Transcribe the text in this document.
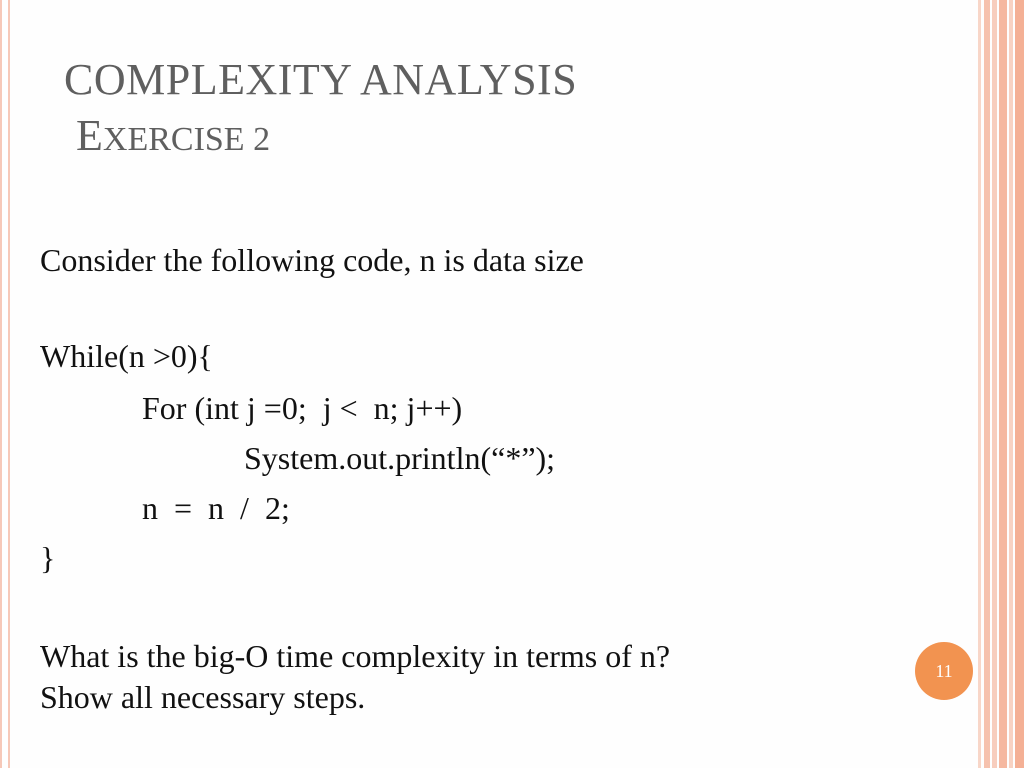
COMPLEXITY ANALYSIS
EXERCISE 2
Consider the following code, n is data size
While(n >0){
For (int j =0;  j <  n; j++)
System.out.println(“*”);
n  =  n  /  2;
}
What is the big-O time complexity in terms of n?
Show all necessary steps.
11
